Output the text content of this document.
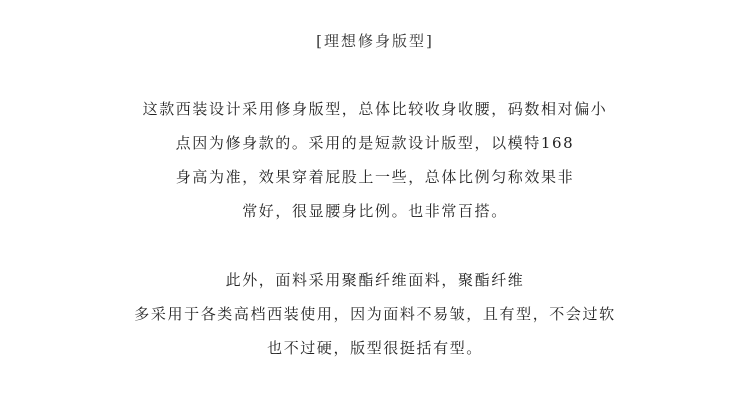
[理想修身版型]
这款西装设计采用修身版型，总体比较收身收腰，码数相对偏小
点因为修身款的。采用的是短款设计版型，以模特168
身高为准，效果穿着屁股上一些，总体比例匀称效果非
常好，很显腰身比例。也非常百搭。
此外，面料采用聚酯纤维面料，聚酯纤维
多采用于各类高档西装使用，因为面料不易皱，且有型，不会过软
也不过硬，版型很挺括有型。
